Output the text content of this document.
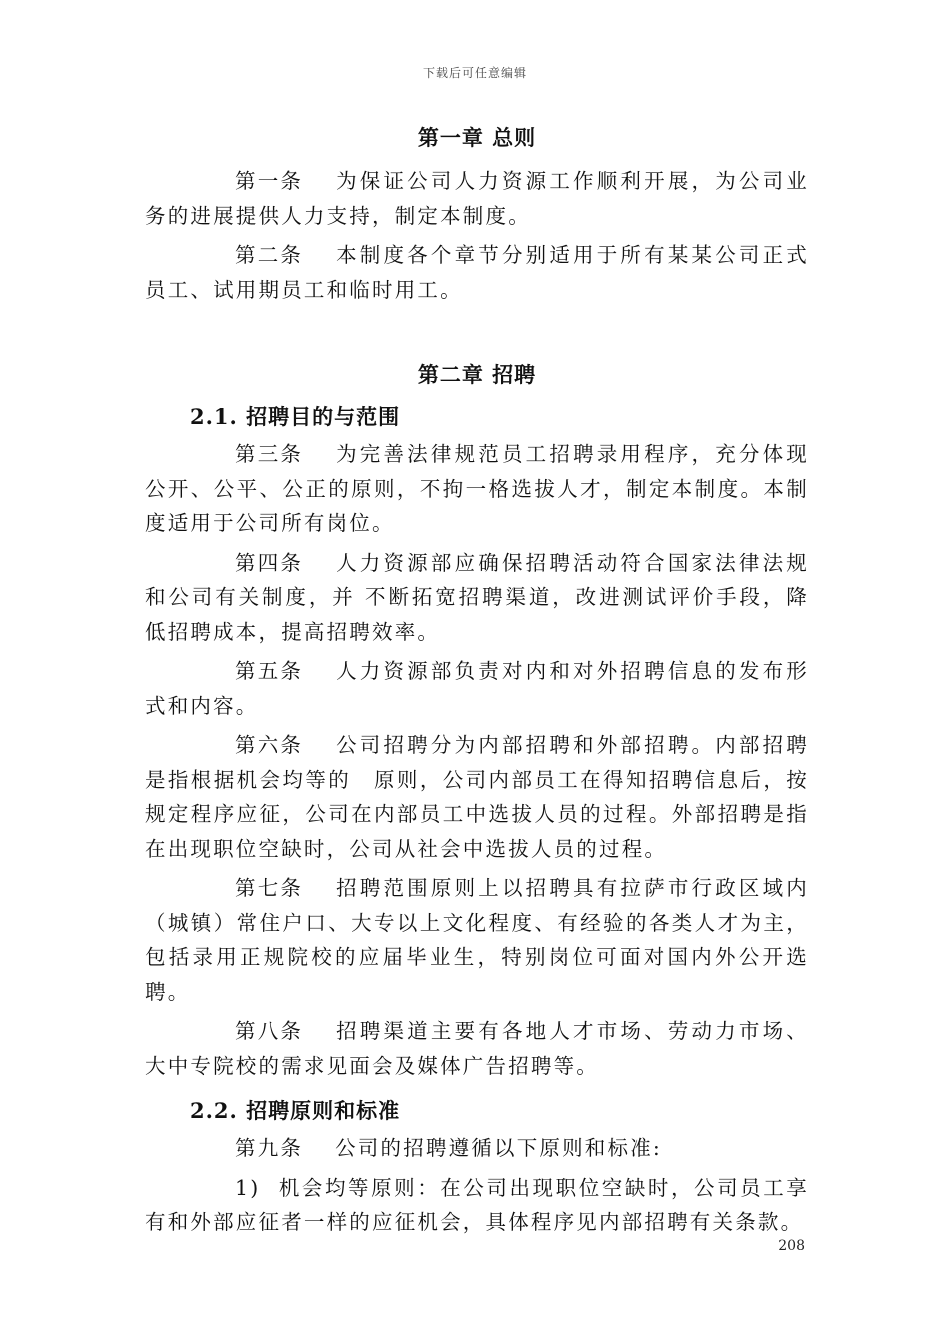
下载后可任意编辑
第一章 总则

第一条 为保证公司人力资源工作顺利开展，为公司业务的进展提供人力支持，制定本制度。

第二条 本制度各个章节分别适用于所有某某公司正式员工、试用期员工和临时用工。

第二章 招聘
2.1. 招聘目的与范围

第三条 为完善法律规范员工招聘录用程序，充分体现公开、公平、公正的原则，不拘一格选拔人才，制定本制度。本制度适用于公司所有岗位。

第四条 人力资源部应确保招聘活动符合国家法律法规和公司有关制度，并 不断拓宽招聘渠道，改进测试评价手段，降低招聘成本，提高招聘效率。

第五条 人力资源部负责对内和对外招聘信息的发布形式和内容。

第六条 公司招聘分为内部招聘和外部招聘。内部招聘是指根据机会均等的　原则，公司内部员工在得知招聘信息后，按规定程序应征，公司在内部员工中选拔人员的过程。外部招聘是指在出现职位空缺时，公司从社会中选拔人员的过程。

第七条 招聘范围原则上以招聘具有拉萨市行政区域内（城镇）常住户口、大专以上文化程度、有经验的各类人才为主，包括录用正规院校的应届毕业生，特别岗位可面对国内外公开选聘。

第八条 招聘渠道主要有各地人才市场、劳动力市场、大中专院校的需求见面会及媒体广告招聘等。

2.2. 招聘原则和标准

第九条 公司的招聘遵循以下原则和标准:

1) 机会均等原则：在公司出现职位空缺时，公司员工享有和外部应征者一样的应征机会，具体程序见内部招聘有关条款。

208
